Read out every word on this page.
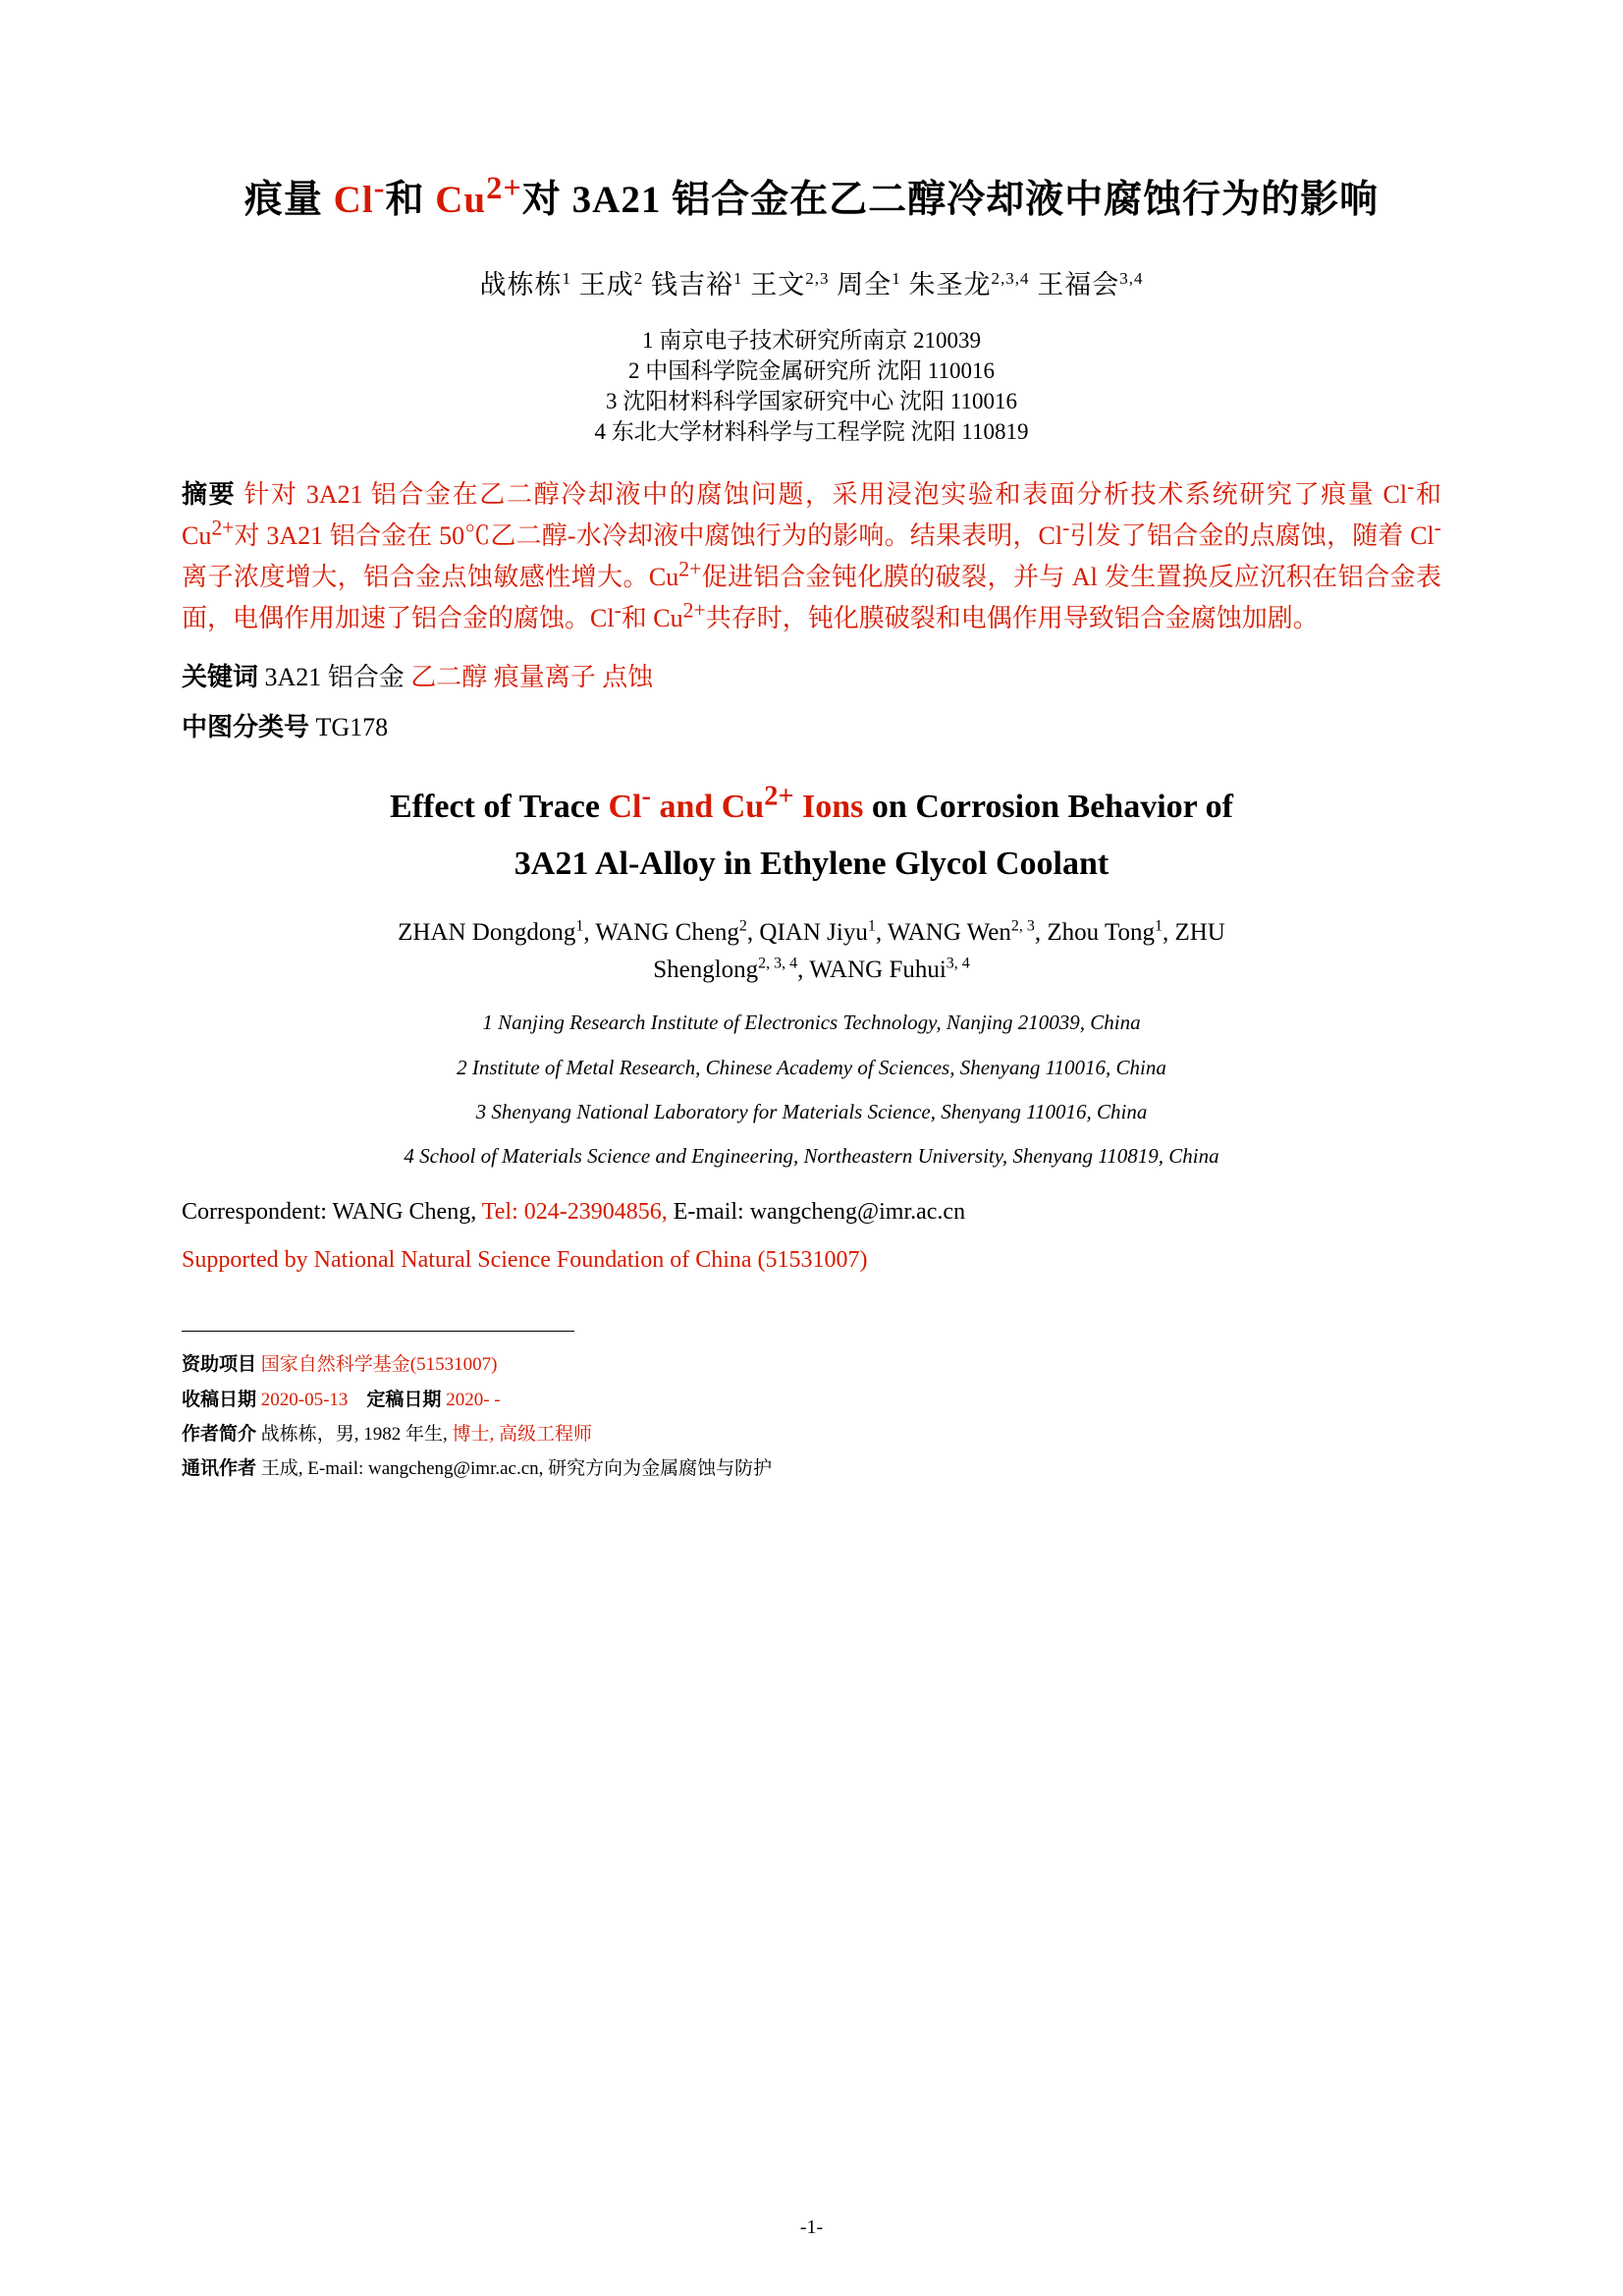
痕量 Cl-和 $Cu^{2+}$对 3A21 铝合金在乙二醇冷却液中腐蚀行为的影响
战栋栋$^1$ 王成$^2$ 钱吉裕$^1$ 王文$^{2,3}$ 周全$^1$ 朱圣龙$^{2,3,4}$ 王福会$^{3,4}$
1 南京电子技术研究所南京 210039
2 中国科学院金属研究所 沈阳 110016
3 沈阳材料科学国家研究中心 沈阳 110016
4 东北大学材料科学与工程学院 沈阳 110819
摘要 针对 3A21 铝合金在乙二醇冷却液中的腐蚀问题，采用浸泡实验和表面分析技术系统研究了痕量 Cl-和 $Cu^{2+}$对 3A21 铝合金在 50℃乙二醇-水冷却液中腐蚀行为的影响。结果表明，Cl-引发了铝合金的点腐蚀，随着 Cl-离子浓度增大，铝合金点蚀敏感性增大。$Cu^{2+}$促进铝合金钝化膜的破裂，并与 Al 发生置换反应沉积在铝合金表面，电偶作用加速了铝合金的腐蚀。Cl-和 $Cu^{2+}$共存时，钝化膜破裂和电偶作用导致铝合金腐蚀加剧。
关键词 3A21 铝合金 乙二醇 痕量离子 点蚀
中图分类号 TG178
Effect of Trace Cl- and $Cu^{2+}$ Ions on Corrosion Behavior of
3A21 Al-Alloy in Ethylene Glycol Coolant
ZHAN Dongdong$^1$, WANG Cheng$^2$, QIAN Jiyu$^1$, WANG Wen$^{2, 3}$, Zhou Tong$^1$, ZHU
Shenglong$^{2, 3, 4}$, WANG Fuhui$^{3, 4}$
1 Nanjing Research Institute of Electronics Technology, Nanjing 210039, China
2 Institute of Metal Research, Chinese Academy of Sciences, Shenyang 110016, China
3 Shenyang National Laboratory for Materials Science, Shenyang 110016, China
4 School of Materials Science and Engineering, Northeastern University, Shenyang 110819, China
Correspondent: WANG Cheng, Tel: 024-23904856, E-mail: wangcheng@imr.ac.cn
Supported by National Natural Science Foundation of China (51531007)
资助项目 国家自然科学基金(51531007)
收稿日期 2020-05-13 定稿日期 2020- -
作者简介 战栋栋，男, 1982 年生, 博士, 高级工程师
通讯作者 王成, E-mail: wangcheng@imr.ac.cn, 研究方向为金属腐蚀与防护
-1-
